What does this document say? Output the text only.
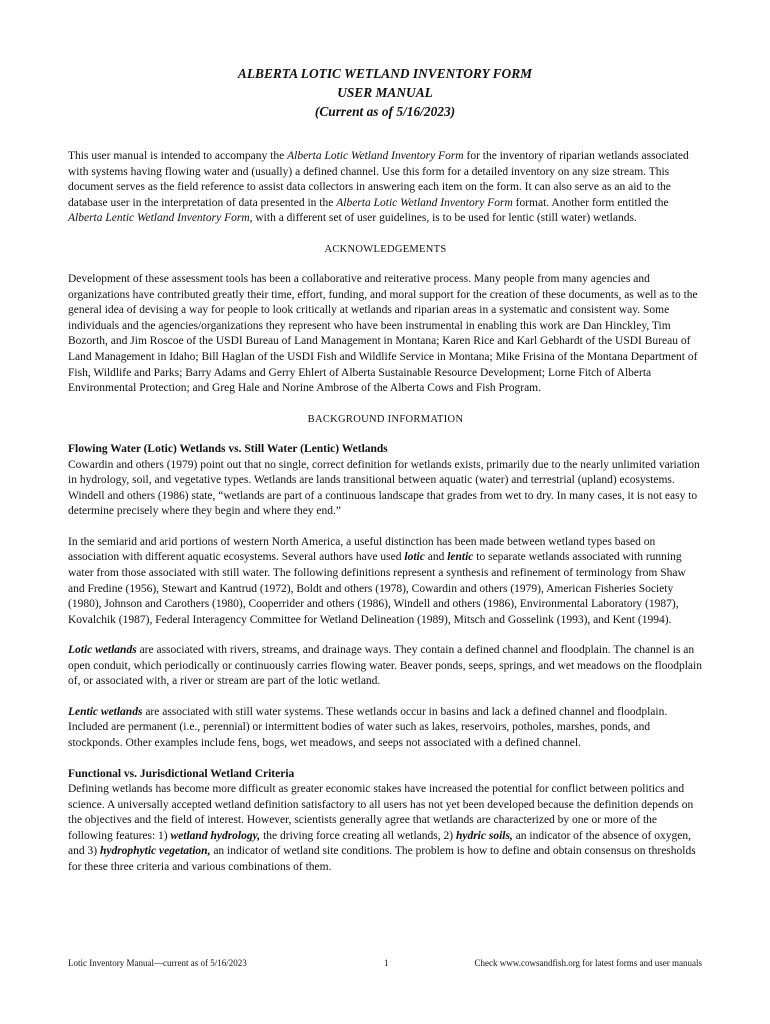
ALBERTA LOTIC WETLAND INVENTORY FORM
USER MANUAL
(Current as of 5/16/2023)

This user manual is intended to accompany the Alberta Lotic Wetland Inventory Form for the inventory of riparian wetlands associated with systems having flowing water and (usually) a defined channel. Use this form for a detailed inventory on any size stream. This document serves as the field reference to assist data collectors in answering each item on the form. It can also serve as an aid to the database user in the interpretation of data presented in the Alberta Lotic Wetland Inventory Form format. Another form entitled the Alberta Lentic Wetland Inventory Form, with a different set of user guidelines, is to be used for lentic (still water) wetlands.

ACKNOWLEDGEMENTS

Development of these assessment tools has been a collaborative and reiterative process. Many people from many agencies and organizations have contributed greatly their time, effort, funding, and moral support for the creation of these documents, as well as to the general idea of devising a way for people to look critically at wetlands and riparian areas in a systematic and consistent way. Some individuals and the agencies/organizations they represent who have been instrumental in enabling this work are Dan Hinckley, Tim Bozorth, and Jim Roscoe of the USDI Bureau of Land Management in Montana; Karen Rice and Karl Gebhardt of the USDI Bureau of Land Management in Idaho; Bill Haglan of the USDI Fish and Wildlife Service in Montana; Mike Frisina of the Montana Department of Fish, Wildlife and Parks; Barry Adams and Gerry Ehlert of Alberta Sustainable Resource Development; Lorne Fitch of Alberta Environmental Protection; and Greg Hale and Norine Ambrose of the Alberta Cows and Fish Program.

BACKGROUND INFORMATION

Flowing Water (Lotic) Wetlands vs. Still Water (Lentic) Wetlands

Cowardin and others (1979) point out that no single, correct definition for wetlands exists, primarily due to the nearly unlimited variation in hydrology, soil, and vegetative types. Wetlands are lands transitional between aquatic (water) and terrestrial (upland) ecosystems. Windell and others (1986) state, “wetlands are part of a continuous landscape that grades from wet to dry. In many cases, it is not easy to determine precisely where they begin and where they end.”

In the semiarid and arid portions of western North America, a useful distinction has been made between wetland types based on association with different aquatic ecosystems. Several authors have used lotic and lentic to separate wetlands associated with running water from those associated with still water. The following definitions represent a synthesis and refinement of terminology from Shaw and Fredine (1956), Stewart and Kantrud (1972), Boldt and others (1978), Cowardin and others (1979), American Fisheries Society (1980), Johnson and Carothers (1980), Cooperrider and others (1986), Windell and others (1986), Environmental Laboratory (1987), Kovalchik (1987), Federal Interagency Committee for Wetland Delineation (1989), Mitsch and Gosselink (1993), and Kent (1994).

Lotic wetlands are associated with rivers, streams, and drainage ways. They contain a defined channel and floodplain. The channel is an open conduit, which periodically or continuously carries flowing water. Beaver ponds, seeps, springs, and wet meadows on the floodplain of, or associated with, a river or stream are part of the lotic wetland.

Lentic wetlands are associated with still water systems. These wetlands occur in basins and lack a defined channel and floodplain. Included are permanent (i.e., perennial) or intermittent bodies of water such as lakes, reservoirs, potholes, marshes, ponds, and stockponds. Other examples include fens, bogs, wet meadows, and seeps not associated with a defined channel.

Functional vs. Jurisdictional Wetland Criteria

Defining wetlands has become more difficult as greater economic stakes have increased the potential for conflict between politics and science. A universally accepted wetland definition satisfactory to all users has not yet been developed because the definition depends on the objectives and the field of interest. However, scientists generally agree that wetlands are characterized by one or more of the following features: 1) wetland hydrology, the driving force creating all wetlands, 2) hydric soils, an indicator of the absence of oxygen, and 3) hydrophytic vegetation, an indicator of wetland site conditions. The problem is how to define and obtain consensus on thresholds for these three criteria and various combinations of them.

Lotic Inventory Manual—current as of 5/16/2023	1	Check www.cowsandfish.org for latest forms and user manuals
